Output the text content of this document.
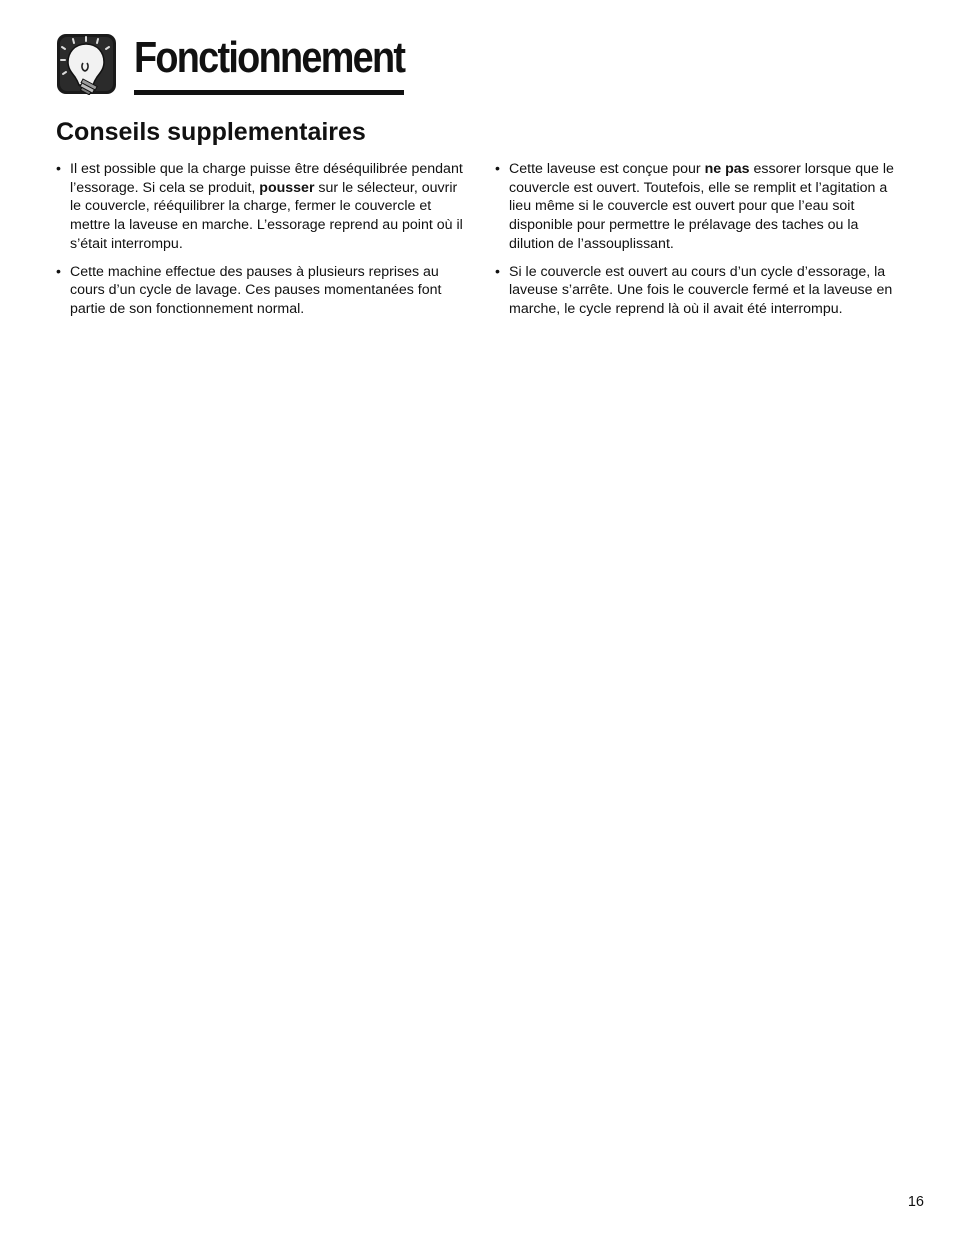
Fonctionnement
Conseils supplementaires
• Il est possible que la charge puisse être déséquilibrée pendant l’essorage. Si cela se produit, pousser sur le sélecteur, ouvrir le couvercle, rééquilibrer la charge, fermer le couvercle et mettre la laveuse en marche. L’essorage reprend au point où il s’était interrompu.
• Cette machine effectue des pauses à plusieurs reprises au cours d’un cycle de lavage. Ces pauses momentanées font partie de son fonctionnement normal.
• Cette laveuse est conçue pour ne pas essorer lorsque que le couvercle est ouvert. Toutefois, elle se remplit et l’agitation a lieu même si le couvercle est ouvert pour que l’eau soit disponible pour permettre le prélavage des taches ou la dilution de l’assouplissant.
• Si le couvercle est ouvert au cours d’un cycle d’essorage, la laveuse s’arrête. Une fois le couvercle fermé et la laveuse en marche, le cycle reprend là où il avait été interrompu.
16
